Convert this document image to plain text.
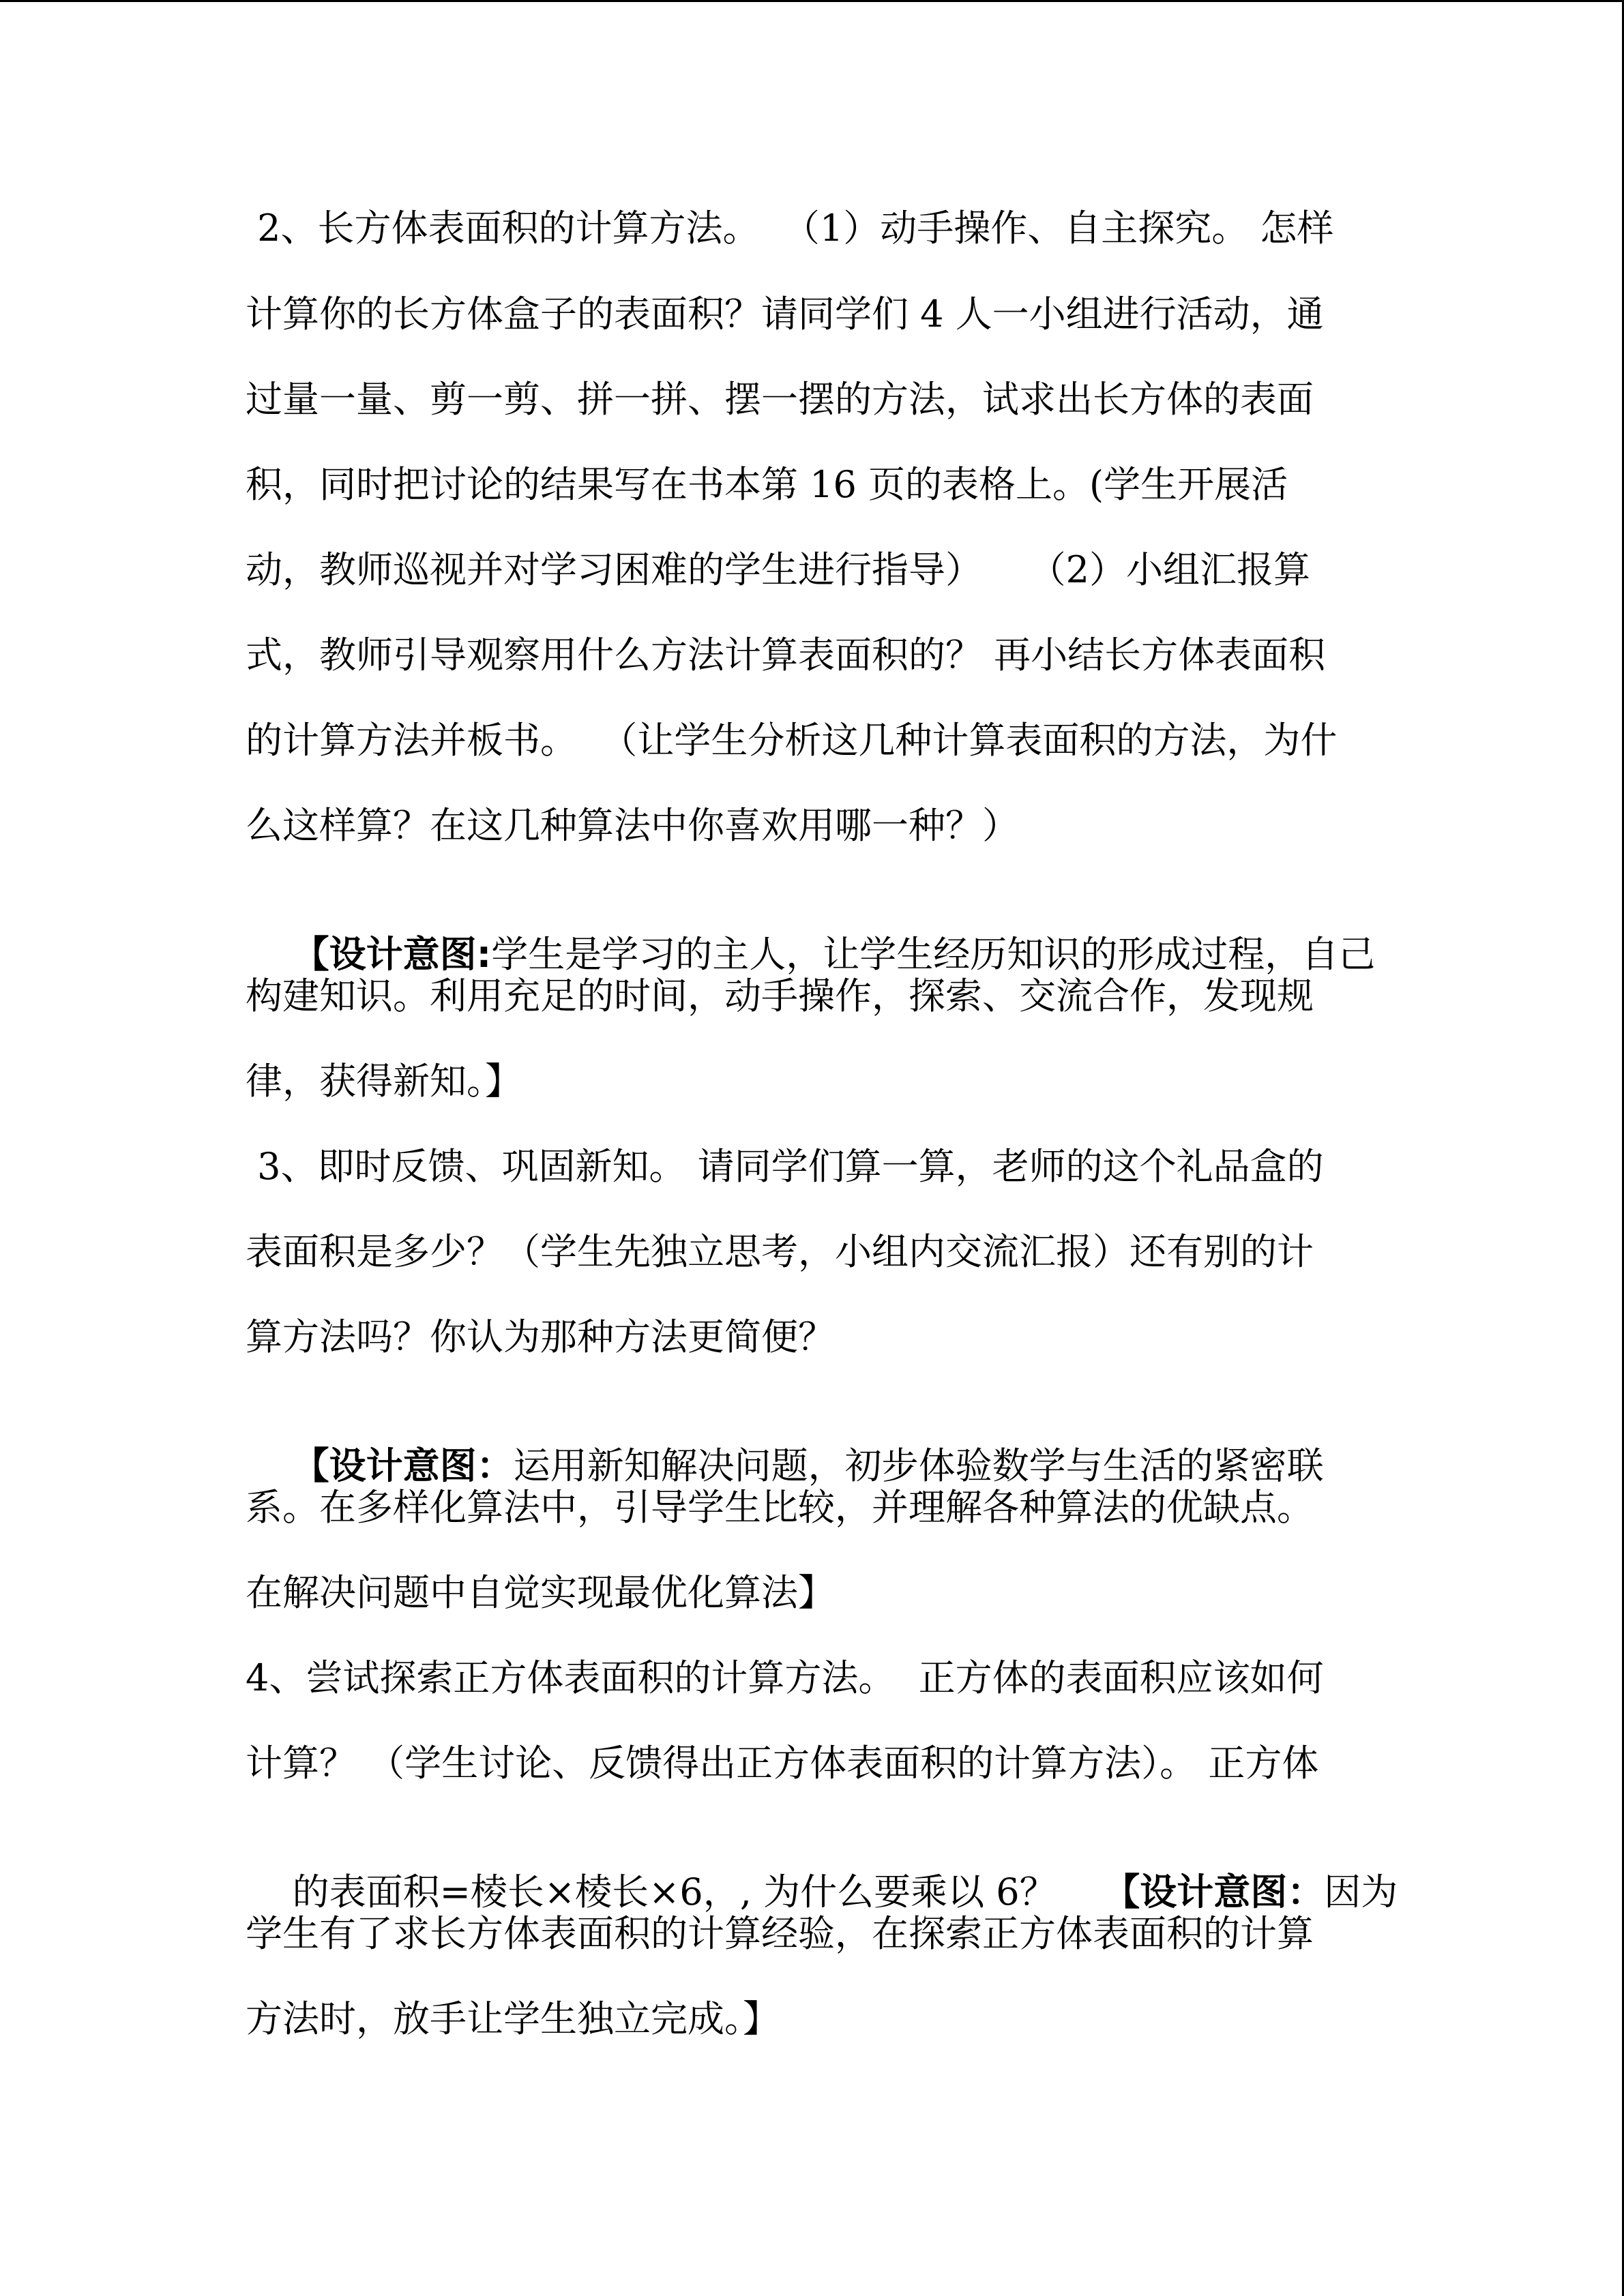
2、长方体表面积的计算方法。  （1）动手操作、自主探究。 怎样
计算你的长方体盒子的表面积？请同学们 4 人一小组进行活动，通
过量一量、剪一剪、拼一拼、摆一摆的方法，试求出长方体的表面
积，同时把讨论的结果写在书本第 16 页的表格上。(学生开展活
动，教师巡视并对学习困难的学生进行指导）    （2）小组汇报算
式，教师引导观察用什么方法计算表面积的？ 再小结长方体表面积
的计算方法并板书。  （让学生分析这几种计算表面积的方法，为什
么这样算？在这几种算法中你喜欢用哪一种？）

【设计意图:学生是学习的主人，让学生经历知识的形成过程，自己

构建知识。利用充足的时间，动手操作，探索、交流合作，发现规
律，获得新知。】
3、即时反馈、巩固新知。 请同学们算一算，老师的这个礼品盒的
表面积是多少？（学生先独立思考，小组内交流汇报）还有别的计
算方法吗？你认为那种方法更简便？

【设计意图：运用新知解决问题，初步体验数学与生活的紧密联

系。在多样化算法中，引导学生比较，并理解各种算法的优缺点。
在解决问题中自觉实现最优化算法】
4、尝试探索正方体表面积的计算方法。  正方体的表面积应该如何
计算？ （学生讨论、反馈得出正方体表面积的计算方法）。 正方体

的表面积=棱长×棱长×6，, 为什么要乘以 6？    【设计意图：因为

学生有了求长方体表面积的计算经验，在探索正方体表面积的计算
方法时，放手让学生独立完成。】
